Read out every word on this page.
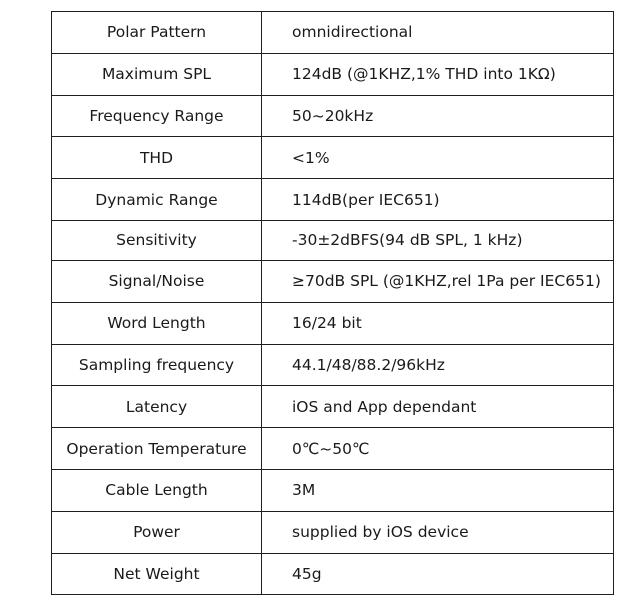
Polar Pattern	omnidirectional
Maximum SPL	124dB (@1KHZ,1% THD into 1KΩ)
Frequency Range	50~20kHz
THD	<1%
Dynamic Range	114dB(per IEC651)
Sensitivity	-30±2dBFS(94 dB SPL, 1 kHz)
Signal/Noise	≥70dB SPL (@1KHZ,rel 1Pa per IEC651)
Word Length	16/24 bit
Sampling frequency	44.1/48/88.2/96kHz
Latency	iOS and App dependant
Operation Temperature	0℃~50℃
Cable Length	3M
Power	supplied by iOS device
Net Weight	45g
